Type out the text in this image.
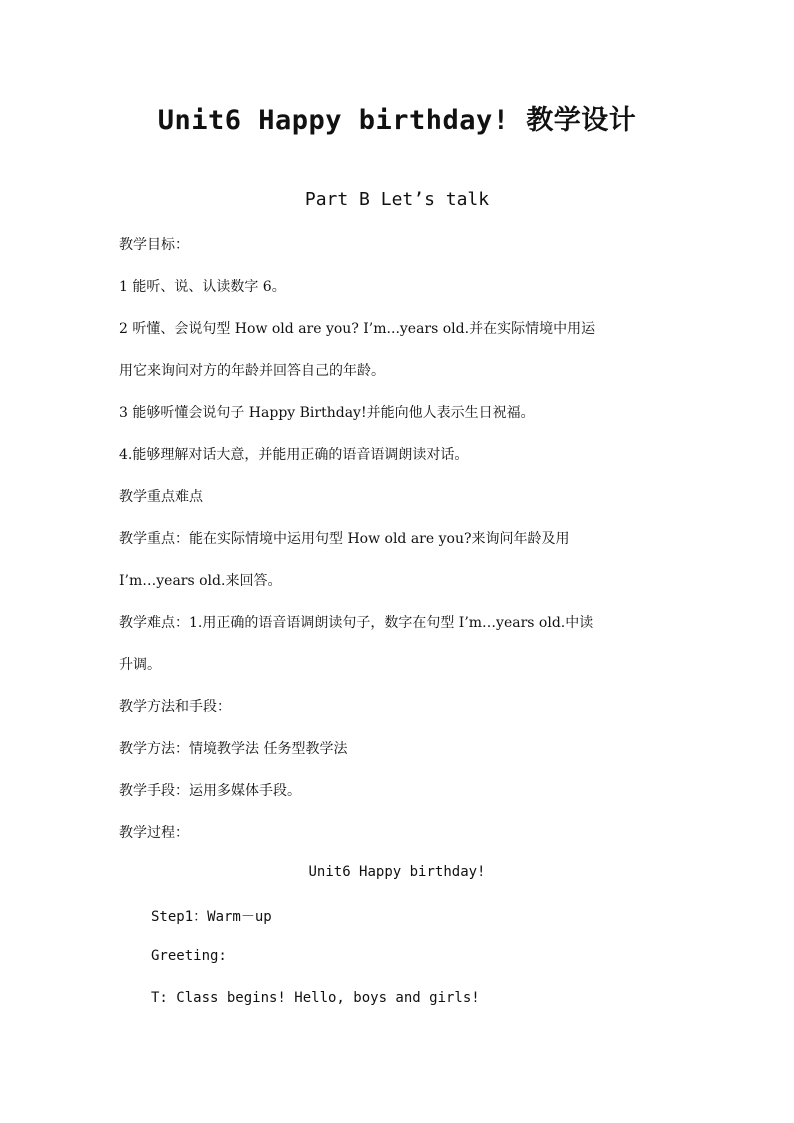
Unit6 Happy birthday! 教学设计
Part B Let’s talk
教学目标：
1 能听、说、认读数字 6。
2 听懂、会说句型 How old are you? I’m...years old.并在实际情境中用运
用它来询问对方的年龄并回答自己的年龄。
3 能够听懂会说句子 Happy Birthday!并能向他人表示生日祝福。
4.能够理解对话大意，并能用正确的语音语调朗读对话。
教学重点难点
教学重点：能在实际情境中运用句型 How old are you?来询问年龄及用
I’m…years old.来回答。
教学难点：1.用正确的语音语调朗读句子，数字在句型 I’m…years old.中读
升调。
教学方法和手段：
教学方法：情境教学法 任务型教学法
教学手段：运用多媒体手段。
教学过程：
Unit6 Happy birthday!
Step1：Warm－up
Greeting:
T: Class begins! Hello, boys and girls!
